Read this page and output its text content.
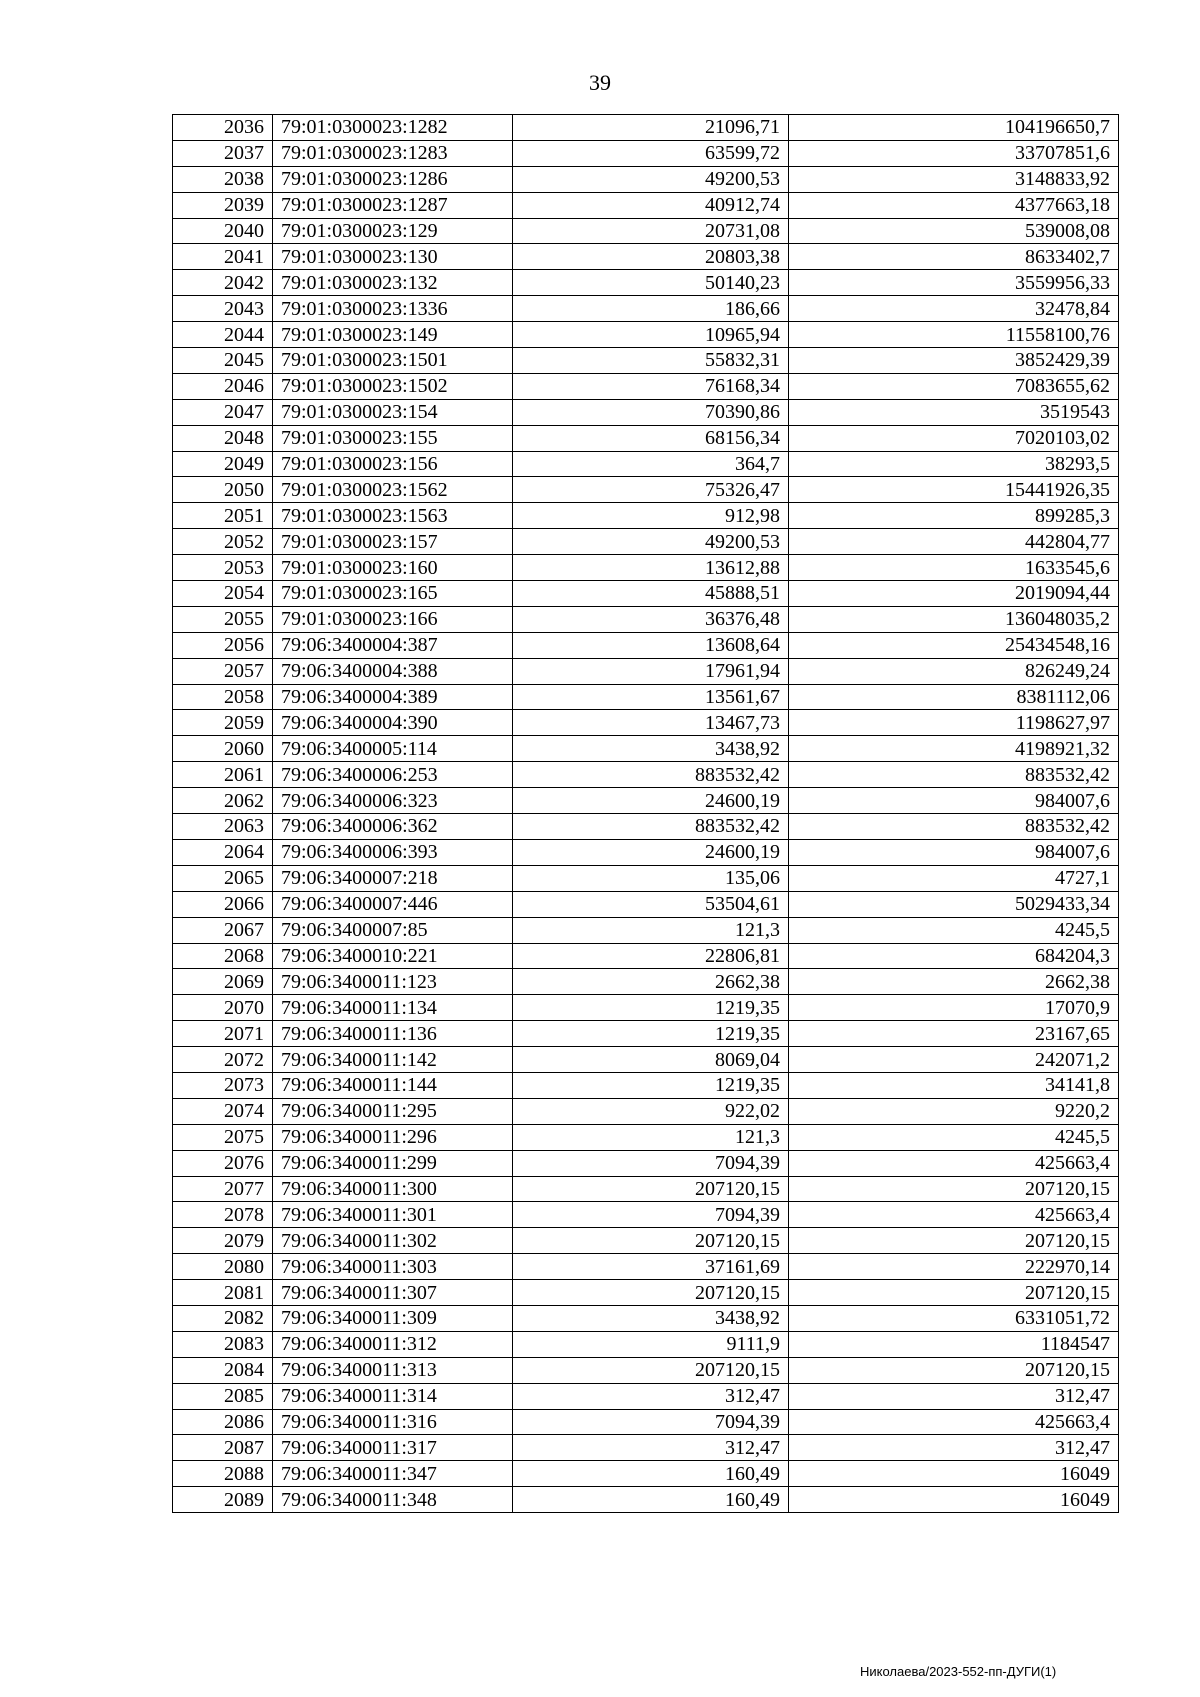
39
2036	79:01:0300023:1282	21096,71	104196650,7
2037	79:01:0300023:1283	63599,72	33707851,6
2038	79:01:0300023:1286	49200,53	3148833,92
2039	79:01:0300023:1287	40912,74	4377663,18
2040	79:01:0300023:129	20731,08	539008,08
2041	79:01:0300023:130	20803,38	8633402,7
2042	79:01:0300023:132	50140,23	3559956,33
2043	79:01:0300023:1336	186,66	32478,84
2044	79:01:0300023:149	10965,94	11558100,76
2045	79:01:0300023:1501	55832,31	3852429,39
2046	79:01:0300023:1502	76168,34	7083655,62
2047	79:01:0300023:154	70390,86	3519543
2048	79:01:0300023:155	68156,34	7020103,02
2049	79:01:0300023:156	364,7	38293,5
2050	79:01:0300023:1562	75326,47	15441926,35
2051	79:01:0300023:1563	912,98	899285,3
2052	79:01:0300023:157	49200,53	442804,77
2053	79:01:0300023:160	13612,88	1633545,6
2054	79:01:0300023:165	45888,51	2019094,44
2055	79:01:0300023:166	36376,48	136048035,2
2056	79:06:3400004:387	13608,64	25434548,16
2057	79:06:3400004:388	17961,94	826249,24
2058	79:06:3400004:389	13561,67	8381112,06
2059	79:06:3400004:390	13467,73	1198627,97
2060	79:06:3400005:114	3438,92	4198921,32
2061	79:06:3400006:253	883532,42	883532,42
2062	79:06:3400006:323	24600,19	984007,6
2063	79:06:3400006:362	883532,42	883532,42
2064	79:06:3400006:393	24600,19	984007,6
2065	79:06:3400007:218	135,06	4727,1
2066	79:06:3400007:446	53504,61	5029433,34
2067	79:06:3400007:85	121,3	4245,5
2068	79:06:3400010:221	22806,81	684204,3
2069	79:06:3400011:123	2662,38	2662,38
2070	79:06:3400011:134	1219,35	17070,9
2071	79:06:3400011:136	1219,35	23167,65
2072	79:06:3400011:142	8069,04	242071,2
2073	79:06:3400011:144	1219,35	34141,8
2074	79:06:3400011:295	922,02	9220,2
2075	79:06:3400011:296	121,3	4245,5
2076	79:06:3400011:299	7094,39	425663,4
2077	79:06:3400011:300	207120,15	207120,15
2078	79:06:3400011:301	7094,39	425663,4
2079	79:06:3400011:302	207120,15	207120,15
2080	79:06:3400011:303	37161,69	222970,14
2081	79:06:3400011:307	207120,15	207120,15
2082	79:06:3400011:309	3438,92	6331051,72
2083	79:06:3400011:312	9111,9	1184547
2084	79:06:3400011:313	207120,15	207120,15
2085	79:06:3400011:314	312,47	312,47
2086	79:06:3400011:316	7094,39	425663,4
2087	79:06:3400011:317	312,47	312,47
2088	79:06:3400011:347	160,49	16049
2089	79:06:3400011:348	160,49	16049
Николаева/2023-552-пп-ДУГИ(1)
